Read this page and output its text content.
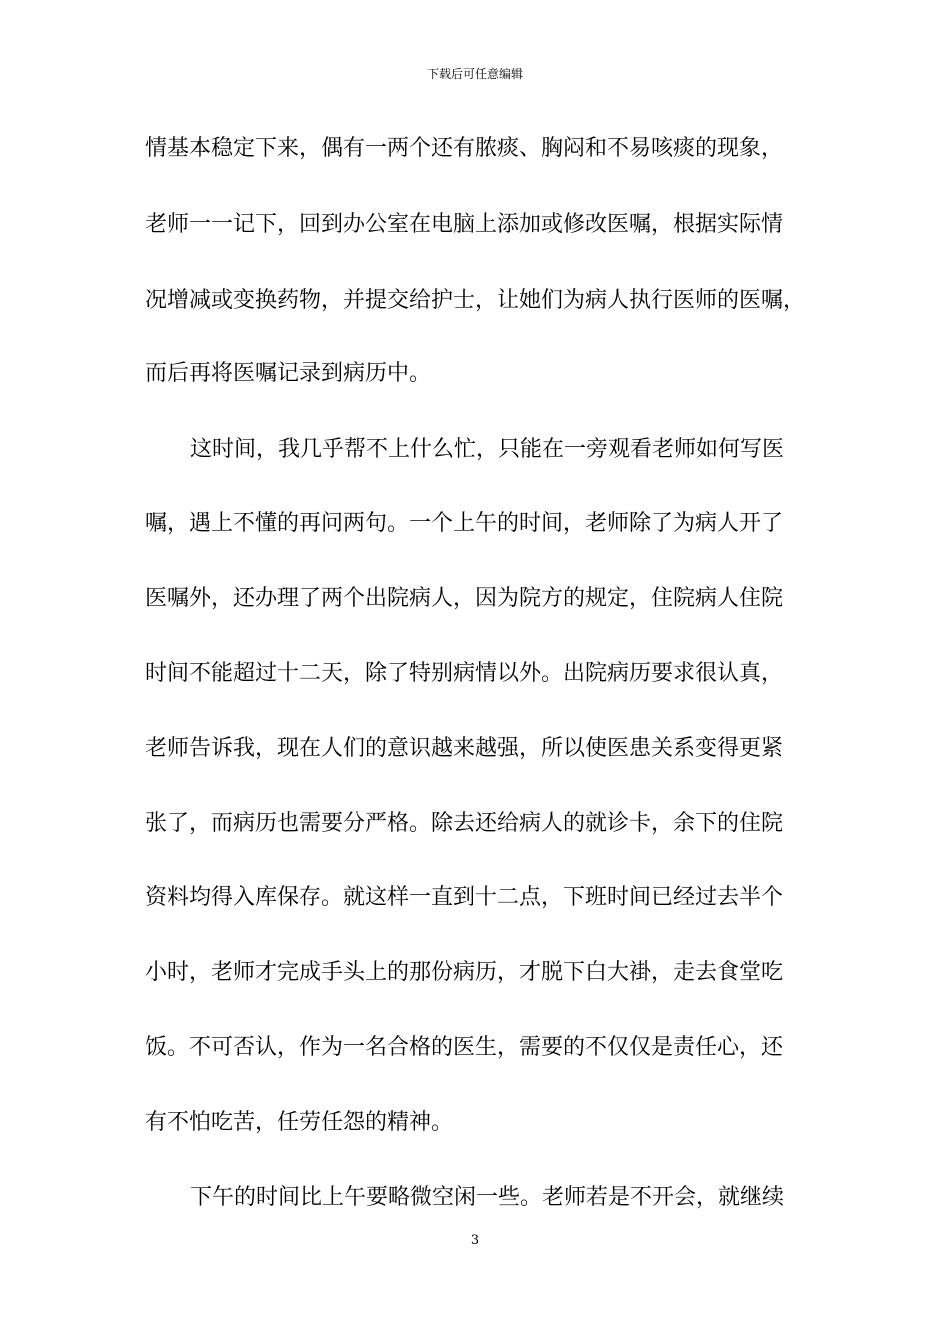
下载后可任意编辑
情基本稳定下来，偶有一两个还有脓痰、胸闷和不易咳痰的现象，
老师一一记下，回到办公室在电脑上添加或修改医嘱，根据实际情
况增减或变换药物，并提交给护士，让她们为病人执行医师的医嘱，
而后再将医嘱记录到病历中。
这时间，我几乎帮不上什么忙，只能在一旁观看老师如何写医
嘱，遇上不懂的再问两句。一个上午的时间，老师除了为病人开了
医嘱外，还办理了两个出院病人，因为院方的规定，住院病人住院
时间不能超过十二天，除了特别病情以外。出院病历要求很认真，
老师告诉我，现在人们的意识越来越强，所以使医患关系变得更紧
张了，而病历也需要分严格。除去还给病人的就诊卡，余下的住院
资料均得入库保存。就这样一直到十二点，下班时间已经过去半个
小时，老师才完成手头上的那份病历，才脱下白大褂，走去食堂吃
饭。不可否认，作为一名合格的医生，需要的不仅仅是责任心，还
有不怕吃苦，任劳任怨的精神。
下午的时间比上午要略微空闲一些。老师若是不开会，就继续
3
